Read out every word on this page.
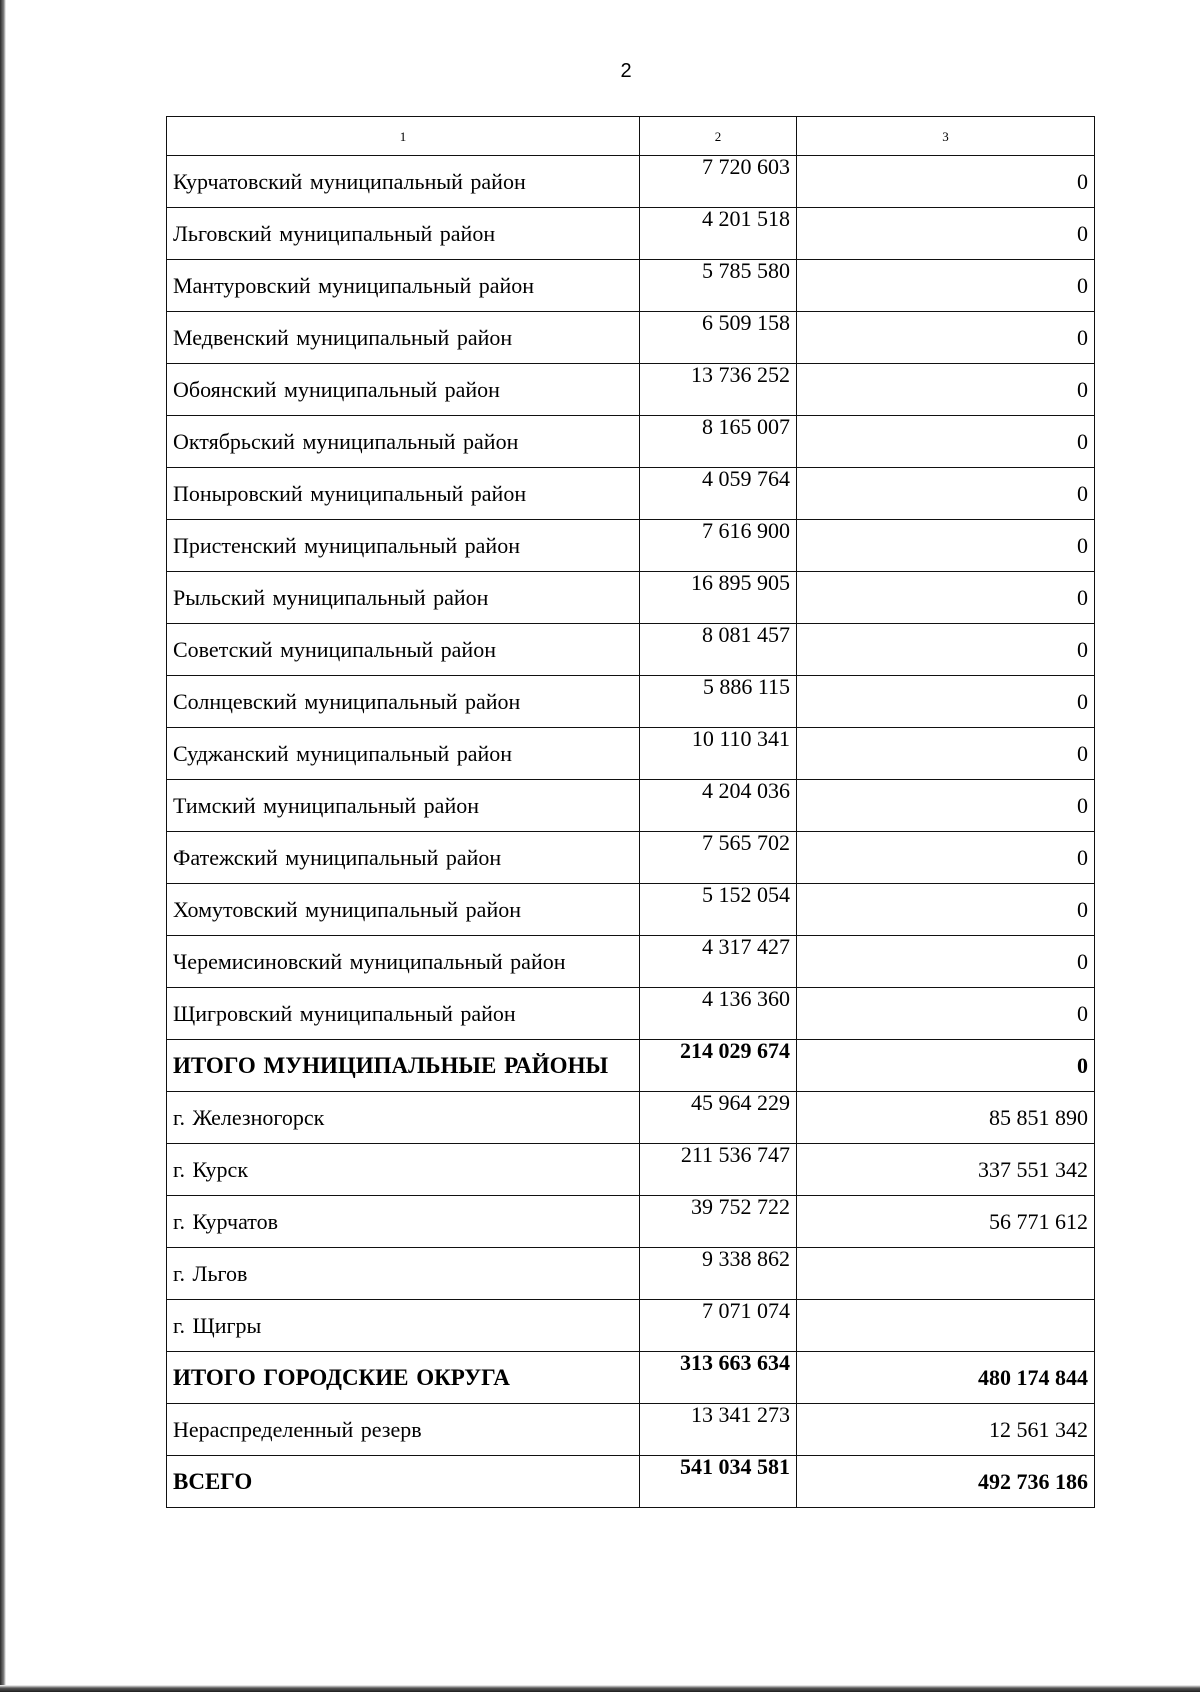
2
1	2	3
Курчатовский муниципальный район	7 720 603	0
Льговский муниципальный район	4 201 518	0
Мантуровский муниципальный район	5 785 580	0
Медвенский муниципальный район	6 509 158	0
Обоянский муниципальный район	13 736 252	0
Октябрьский муниципальный район	8 165 007	0
Поныровский муниципальный район	4 059 764	0
Пристенский муниципальный район	7 616 900	0
Рыльский муниципальный район	16 895 905	0
Советский муниципальный район	8 081 457	0
Солнцевский муниципальный район	5 886 115	0
Суджанский муниципальный район	10 110 341	0
Тимский муниципальный район	4 204 036	0
Фатежский муниципальный район	7 565 702	0
Хомутовский муниципальный район	5 152 054	0
Черемисиновский муниципальный район	4 317 427	0
Щигровский муниципальный район	4 136 360	0
ИТОГО МУНИЦИПАЛЬНЫЕ РАЙОНЫ	214 029 674	0
г. Железногорск	45 964 229	85 851 890
г. Курск	211 536 747	337 551 342
г. Курчатов	39 752 722	56 771 612
г. Льгов	9 338 862	
г. Щигры	7 071 074	
ИТОГО ГОРОДСКИЕ ОКРУГА	313 663 634	480 174 844
Нераспределенный резерв	13 341 273	12 561 342
ВСЕГО	541 034 581	492 736 186
